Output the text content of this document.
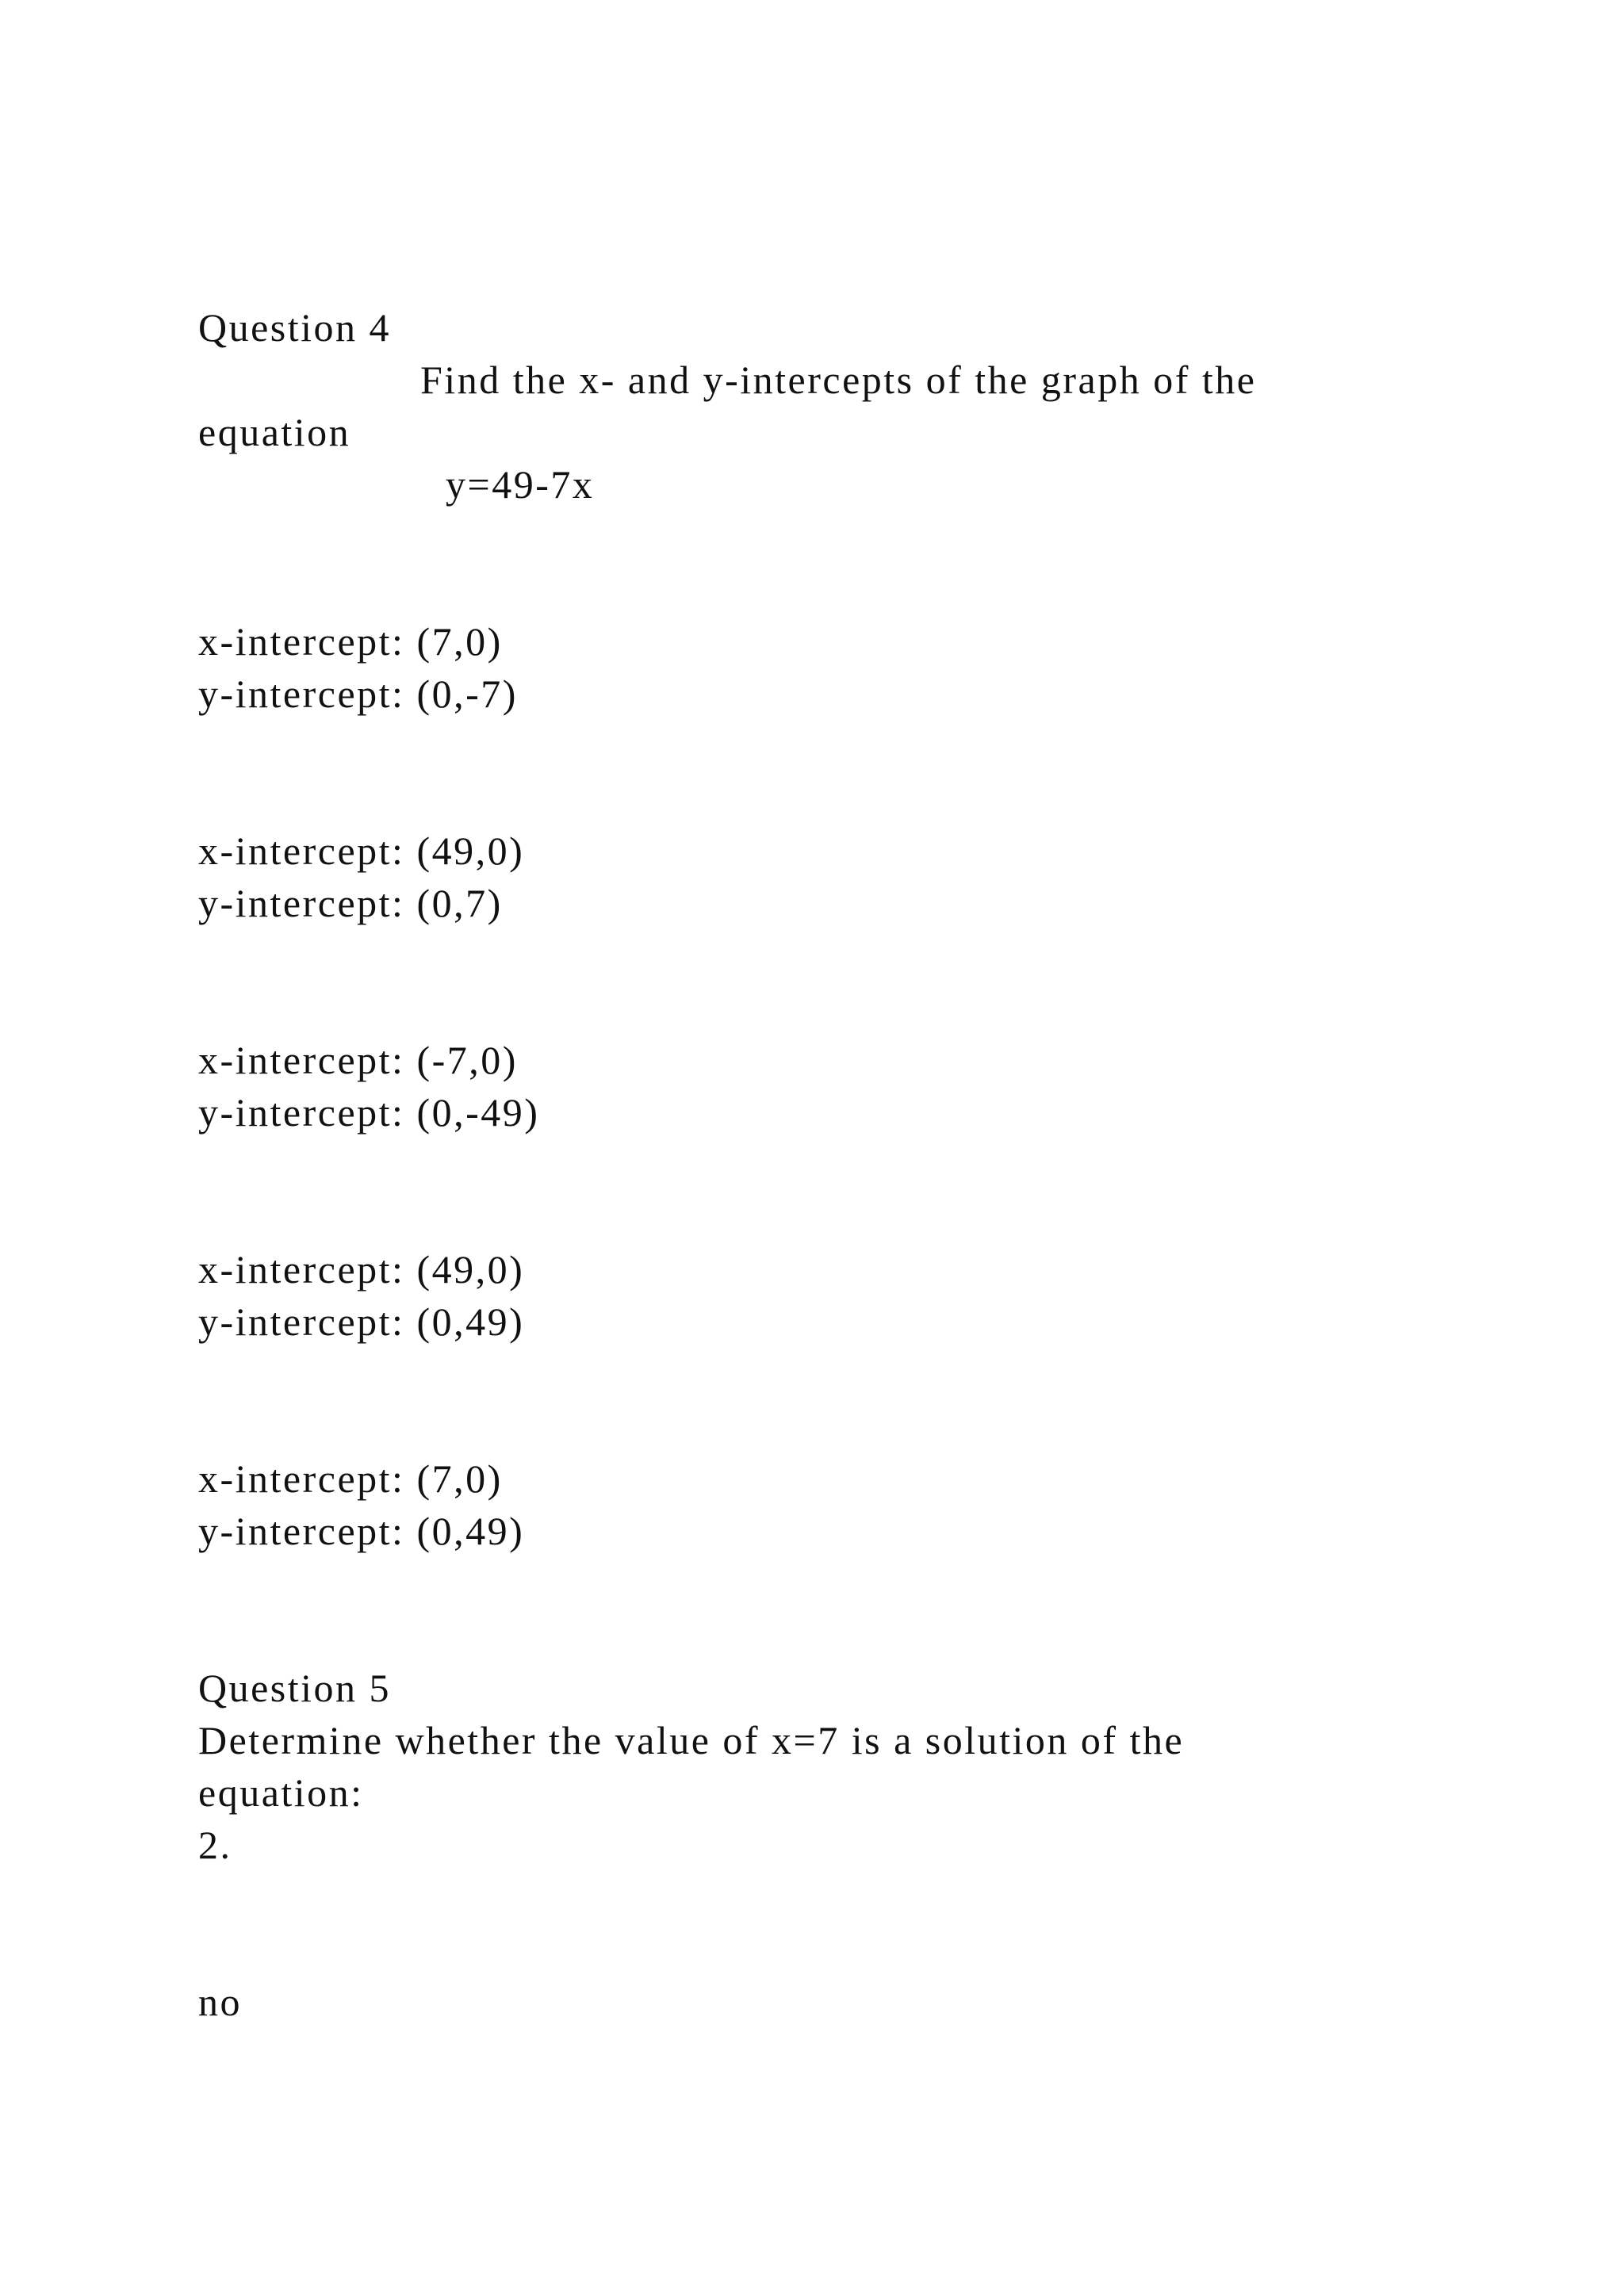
Question 4

Find the x- and y-intercepts of the graph of the

equation

y=49-7x

x-intercept: (7,0)

y-intercept: (0,-7)

x-intercept: (49,0)

y-intercept: (0,7)

x-intercept: (-7,0)

y-intercept: (0,-49)

x-intercept: (49,0)

y-intercept: (0,49)

x-intercept: (7,0)

y-intercept: (0,49)

Question 5

Determine whether the value of x=7 is a solution of the

equation:

2.

no
